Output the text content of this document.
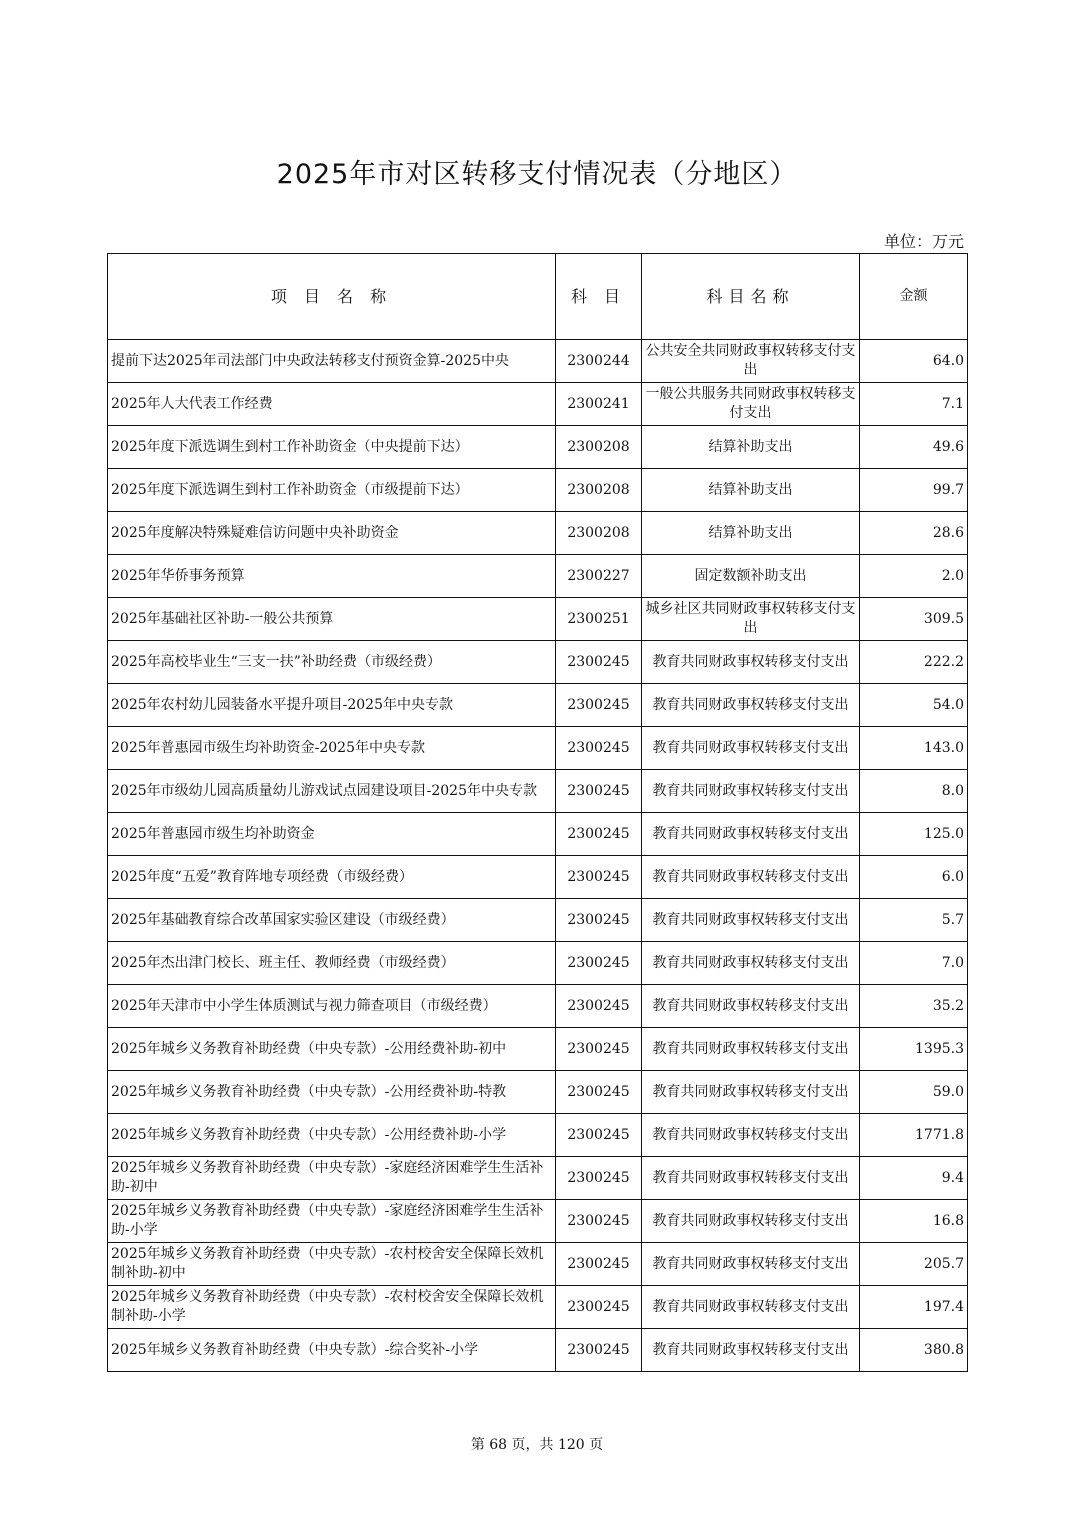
2025年市对区转移支付情况表（分地区）
单位：万元
项 目 名 称	科 目	科目名称	金额
提前下达2025年司法部门中央政法转移支付预资金算-2025中央	2300244	公共安全共同财政事权转移支付支出	64.0
2025年人大代表工作经费	2300241	一般公共服务共同财政事权转移支付支出	7.1
2025年度下派选调生到村工作补助资金（中央提前下达）	2300208	结算补助支出	49.6
2025年度下派选调生到村工作补助资金（市级提前下达）	2300208	结算补助支出	99.7
2025年度解决特殊疑难信访问题中央补助资金	2300208	结算补助支出	28.6
2025年华侨事务预算	2300227	固定数额补助支出	2.0
2025年基础社区补助-一般公共预算	2300251	城乡社区共同财政事权转移支付支出	309.5
2025年高校毕业生“三支一扶”补助经费（市级经费）	2300245	教育共同财政事权转移支付支出	222.2
2025年农村幼儿园装备水平提升项目-2025年中央专款	2300245	教育共同财政事权转移支付支出	54.0
2025年普惠园市级生均补助资金-2025年中央专款	2300245	教育共同财政事权转移支付支出	143.0
2025年市级幼儿园高质量幼儿游戏试点园建设项目-2025年中央专款	2300245	教育共同财政事权转移支付支出	8.0
2025年普惠园市级生均补助资金	2300245	教育共同财政事权转移支付支出	125.0
2025年度“五爱”教育阵地专项经费（市级经费）	2300245	教育共同财政事权转移支付支出	6.0
2025年基础教育综合改革国家实验区建设（市级经费）	2300245	教育共同财政事权转移支付支出	5.7
2025年杰出津门校长、班主任、教师经费（市级经费）	2300245	教育共同财政事权转移支付支出	7.0
2025年天津市中小学生体质测试与视力筛查项目（市级经费）	2300245	教育共同财政事权转移支付支出	35.2
2025年城乡义务教育补助经费（中央专款）-公用经费补助-初中	2300245	教育共同财政事权转移支付支出	1395.3
2025年城乡义务教育补助经费（中央专款）-公用经费补助-特教	2300245	教育共同财政事权转移支付支出	59.0
2025年城乡义务教育补助经费（中央专款）-公用经费补助-小学	2300245	教育共同财政事权转移支付支出	1771.8
2025年城乡义务教育补助经费（中央专款）-家庭经济困难学生生活补助-初中	2300245	教育共同财政事权转移支付支出	9.4
2025年城乡义务教育补助经费（中央专款）-家庭经济困难学生生活补助-小学	2300245	教育共同财政事权转移支付支出	16.8
2025年城乡义务教育补助经费（中央专款）-农村校舍安全保障长效机制补助-初中	2300245	教育共同财政事权转移支付支出	205.7
2025年城乡义务教育补助经费（中央专款）-农村校舍安全保障长效机制补助-小学	2300245	教育共同财政事权转移支付支出	197.4
2025年城乡义务教育补助经费（中央专款）-综合奖补-小学	2300245	教育共同财政事权转移支付支出	380.8
第 68 页，共 120 页
